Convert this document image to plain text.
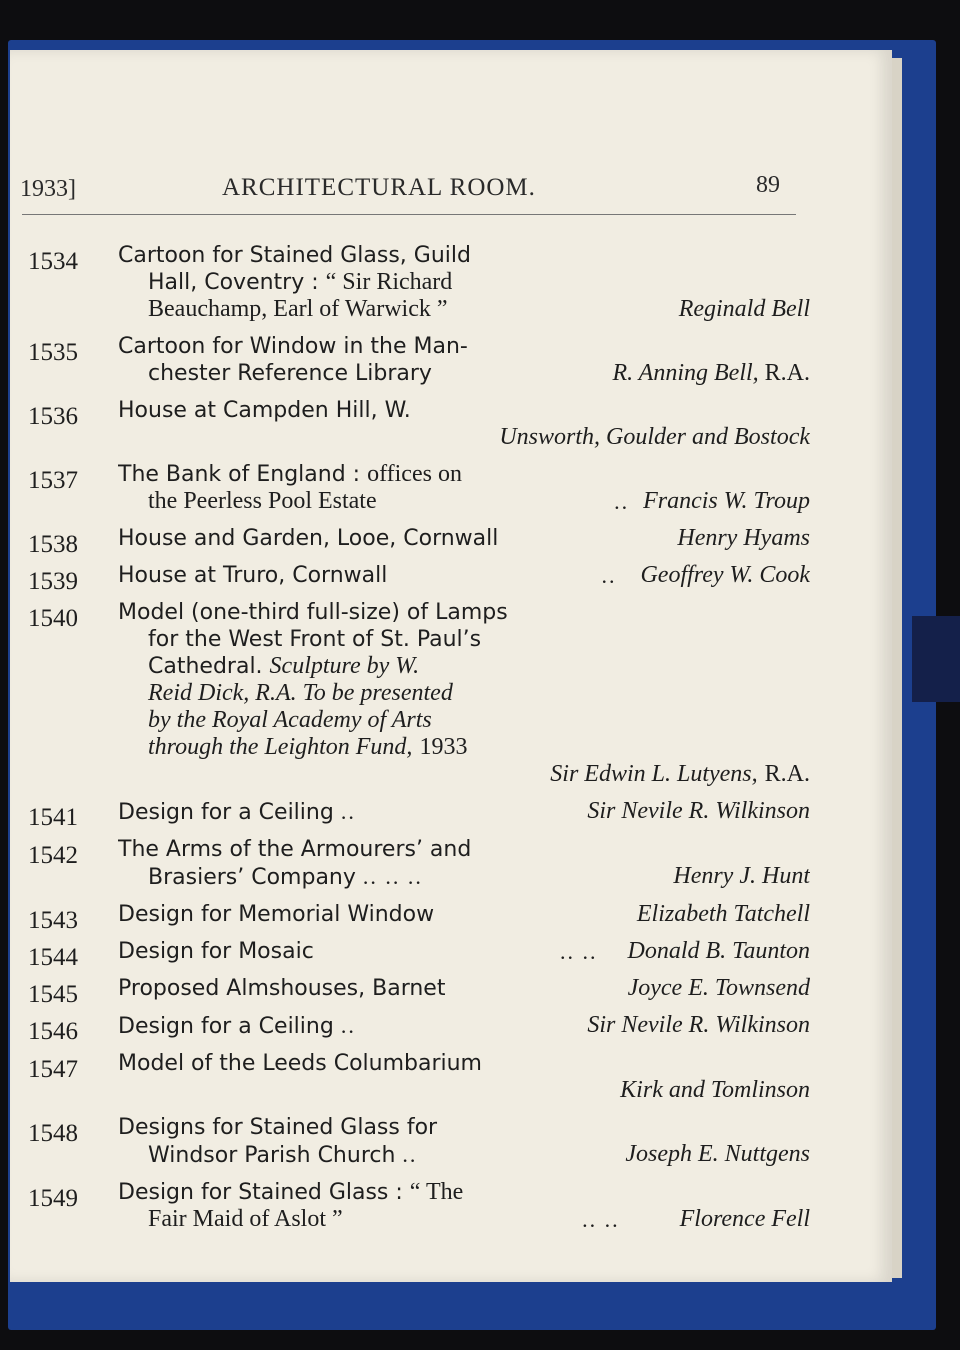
1933]	ARCHITECTURAL ROOM.	89
1534 Cartoon for Stained Glass, Guild
Hall, Coventry : “ Sir Richard
Beauchamp, Earl of Warwick ”	Reginald Bell
1535 Cartoon for Window in the Man-
chester Reference Library	R. Anning Bell, R.A.
1536 House at Campden Hill, W.
Unsworth, Goulder and Bostock
1537 The Bank of England : offices on
the Peerless Pool Estate	Francis W. Troup
..
1538 House and Garden, Looe, Cornwall	Henry Hyams
1539 House at Truro, Cornwall	Geoffrey W. Cook
..
1540 Model (one-third full-size) of Lamps
for the West Front of St. Paul’s
Cathedral. Sculpture by W.
Reid Dick, R.A. To be presented
by the Royal Academy of Arts
through the Leighton Fund, 1933
Sir Edwin L. Lutyens, R.A.
1541 Design for a Ceiling ..	Sir Nevile R. Wilkinson
1542 The Arms of the Armourers’ and
Brasiers’ Company .. .. ..	Henry J. Hunt
1543 Design for Memorial Window	Elizabeth Tatchell
1544 Design for Mosaic	Donald B. Taunton
.. ..
1545 Proposed Almshouses, Barnet	Joyce E. Townsend
1546 Design for a Ceiling ..	Sir Nevile R. Wilkinson
1547 Model of the Leeds Columbarium
Kirk and Tomlinson
1548 Designs for Stained Glass for
Windsor Parish Church ..	Joseph E. Nuttgens
1549 Design for Stained Glass : “ The
Fair Maid of Aslot ”	Florence Fell
.. ..
